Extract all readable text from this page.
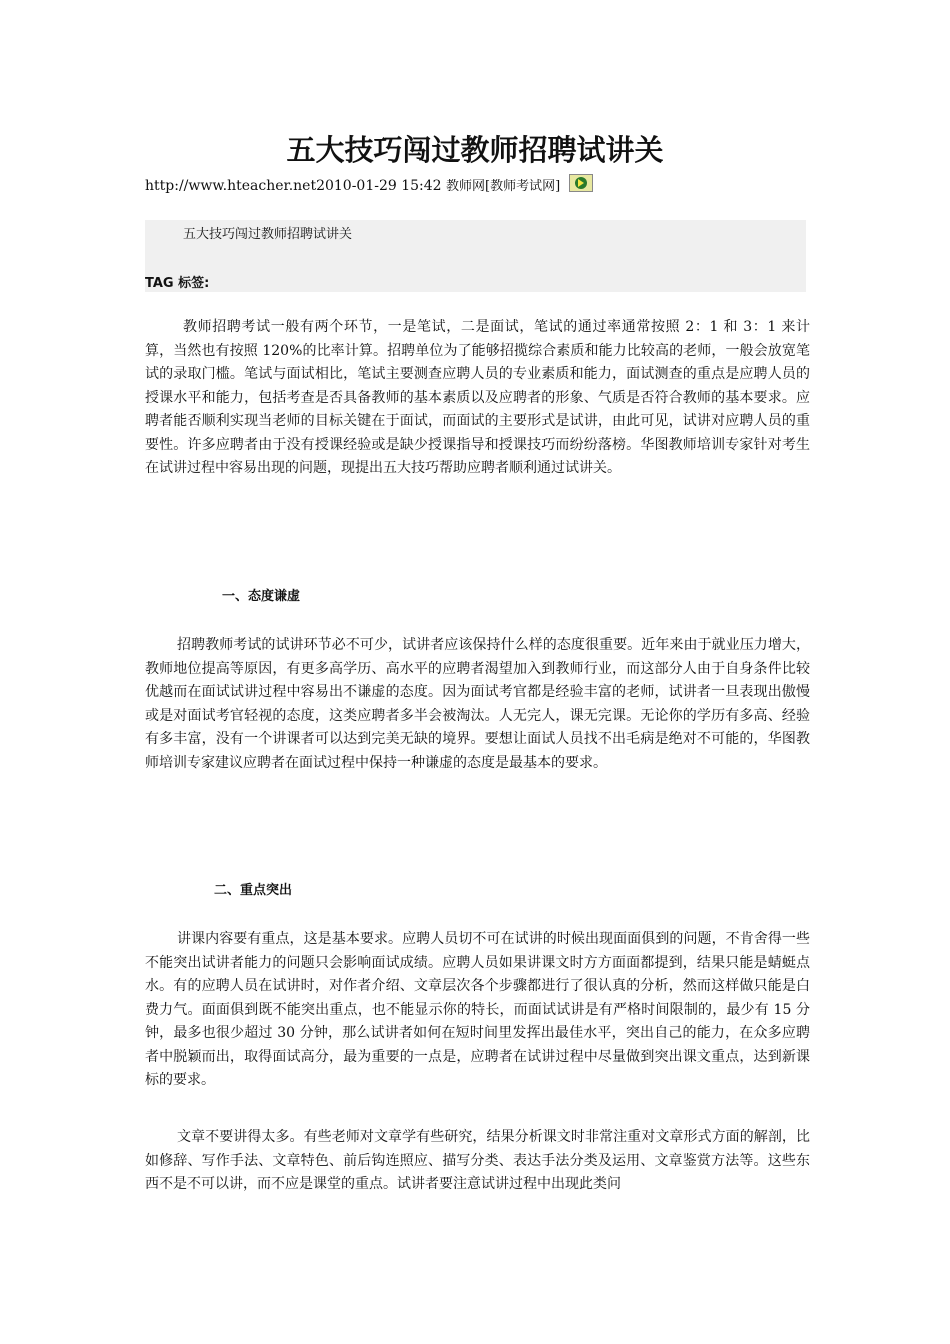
五大技巧闯过教师招聘试讲关
http://www.hteacher.net2010-01-29 15:42 教师网[教师考试网]
五大技巧闯过教师招聘试讲关
TAG 标签:

教师招聘考试一般有两个环节，一是笔试，二是面试，笔试的通过率通常按照 2：1 和 3：1 来计算，当然也有按照 120%的比率计算。招聘单位为了能够招揽综合素质和能力比较高的老师，一般会放宽笔试的录取门槛。笔试与面试相比，笔试主要测查应聘人员的专业素质和能力，面试测查的重点是应聘人员的授课水平和能力，包括考查是否具备教师的基本素质以及应聘者的形象、气质是否符合教师的基本要求。应聘者能否顺利实现当老师的目标关键在于面试，而面试的主要形式是试讲，由此可见，试讲对应聘人员的重要性。许多应聘者由于没有授课经验或是缺少授课指导和授课技巧而纷纷落榜。华图教师培训专家针对考生在试讲过程中容易出现的问题，现提出五大技巧帮助应聘者顺利通过试讲关。

一、态度谦虚

招聘教师考试的试讲环节必不可少，试讲者应该保持什么样的态度很重要。近年来由于就业压力增大，教师地位提高等原因，有更多高学历、高水平的应聘者渴望加入到教师行业，而这部分人由于自身条件比较优越而在面试试讲过程中容易出不谦虚的态度。因为面试考官都是经验丰富的老师，试讲者一旦表现出傲慢或是对面试考官轻视的态度，这类应聘者多半会被淘汰。人无完人，课无完课。无论你的学历有多高、经验有多丰富，没有一个讲课者可以达到完美无缺的境界。要想让面试人员找不出毛病是绝对不可能的，华图教师培训专家建议应聘者在面试过程中保持一种谦虚的态度是最基本的要求。

二、重点突出

讲课内容要有重点，这是基本要求。应聘人员切不可在试讲的时候出现面面俱到的问题，不肯舍得一些不能突出试讲者能力的问题只会影响面试成绩。应聘人员如果讲课文时方方面面都提到，结果只能是蜻蜓点水。有的应聘人员在试讲时，对作者介绍、文章层次各个步骤都进行了很认真的分析，然而这样做只能是白费力气。面面俱到既不能突出重点，也不能显示你的特长，而面试试讲是有严格时间限制的，最少有 15 分钟，最多也很少超过 30 分钟，那么试讲者如何在短时间里发挥出最佳水平，突出自己的能力，在众多应聘者中脱颖而出，取得面试高分，最为重要的一点是，应聘者在试讲过程中尽量做到突出课文重点，达到新课标的要求。

文章不要讲得太多。有些老师对文章学有些研究，结果分析课文时非常注重对文章形式方面的解剖，比如修辞、写作手法、文章特色、前后钩连照应、描写分类、表达手法分类及运用、文章鉴赏方法等。这些东西不是不可以讲，而不应是课堂的重点。试讲者要注意试讲过程中出现此类问
